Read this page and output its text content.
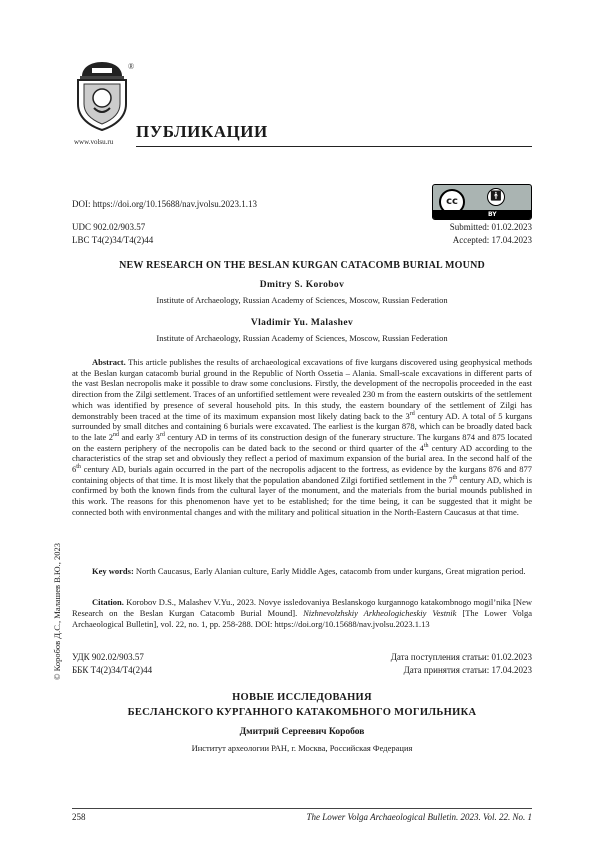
®
www.volsu.ru
ПУБЛИКАЦИИ
DOI: https://doi.org/10.15688/nav.jvolsu.2023.1.13	cc	🚹︎
BY
UDC 902.02/903.57
LBC Т4(2)34/Т4(2)44
Submitted: 01.02.2023
Accepted: 17.04.2023
NEW RESEARCH ON THE BESLAN KURGAN CATACOMB BURIAL MOUND
Dmitry S. Korobov
Institute of Archaeology, Russian Academy of Sciences, Moscow, Russian Federation
Vladimir Yu. Malashev
Institute of Archaeology, Russian Academy of Sciences, Moscow, Russian Federation
Abstract. This article publishes the results of archaeological excavations of five kurgans discovered using geophysical methods at the Beslan kurgan catacomb burial ground in the Republic of North Ossetia – Alania. Small-scale excavations in different parts of the vast Beslan necropolis make it possible to draw some conclusions. Firstly, the development of the necropolis proceeded in the east direction from the Zilgi settlement. Traces of an unfortified settlement were revealed 230 m from the eastern outskirts of the settlement which was identified by presence of several household pits. In this study, the eastern boundary of the settlement of Zilgi has demonstrably been traced at the time of its maximum expansion most likely dating back to the 3rd century AD. A total of 5 kurgans surrounded by small ditches and containing 6 burials were excavated. The earliest is the kurgan 878, which can be broadly dated back to the late 2nd and early 3rd century AD in terms of its construction design of the funerary structure. The kurgans 874 and 875 located on the eastern periphery of the necropolis can be dated back to the second or third quarter of the 4th century AD according to the characteristics of the strap set and obviously they reflect a period of maximum expansion of the burial area. In the second half of the 6th century AD, burials again occurred in the part of the necropolis adjacent to the fortress, as evidence by the kurgans 876 and 877 containing objects of that time. It is most likely that the population abandoned Zilgi fortified settlement in the 7th century AD, which is confirmed by both the known finds from the cultural layer of the monument, and the materials from the burial mounds published in this work. The reasons for this phenomenon have yet to be established; for the time being, it can be suggested that it might be connected both with environmental changes and with the military and political situation in the North-Eastern Caucasus at that time.
Key words: North Caucasus, Early Alanian culture, Early Middle Ages, catacomb from under kurgans, Great migration period.
Citation. Korobov D.S., Malashev V.Yu., 2023. Novye issledovaniya Beslanskogo kurgannogo katakombnogo mogil’nika [New Research on the Beslan Kurgan Catacomb Burial Mound]. Nizhnevolzhskiy Arkheologicheskiy Vestnik [The Lower Volga Archaeological Bulletin], vol. 22, no. 1, pp. 258-288. DOI: https://doi.org/10.15688/nav.jvolsu.2023.1.13
УДК 902.02/903.57
ББК Т4(2)34/Т4(2)44
Дата поступления статьи: 01.02.2023
Дата принятия статьи: 17.04.2023
НОВЫЕ ИССЛЕДОВАНИЯ
БЕСЛАНСКОГО КУРГАННОГО КАТАКОМБНОГО МОГИЛЬНИКА
Дмитрий Сергеевич Коробов
Институт археологии РАН, г. Москва, Российская Федерация
© Коробов Д.С., Малашев В.Ю., 2023
258	The Lower Volga Archaeological Bulletin. 2023. Vol. 22. No. 1
